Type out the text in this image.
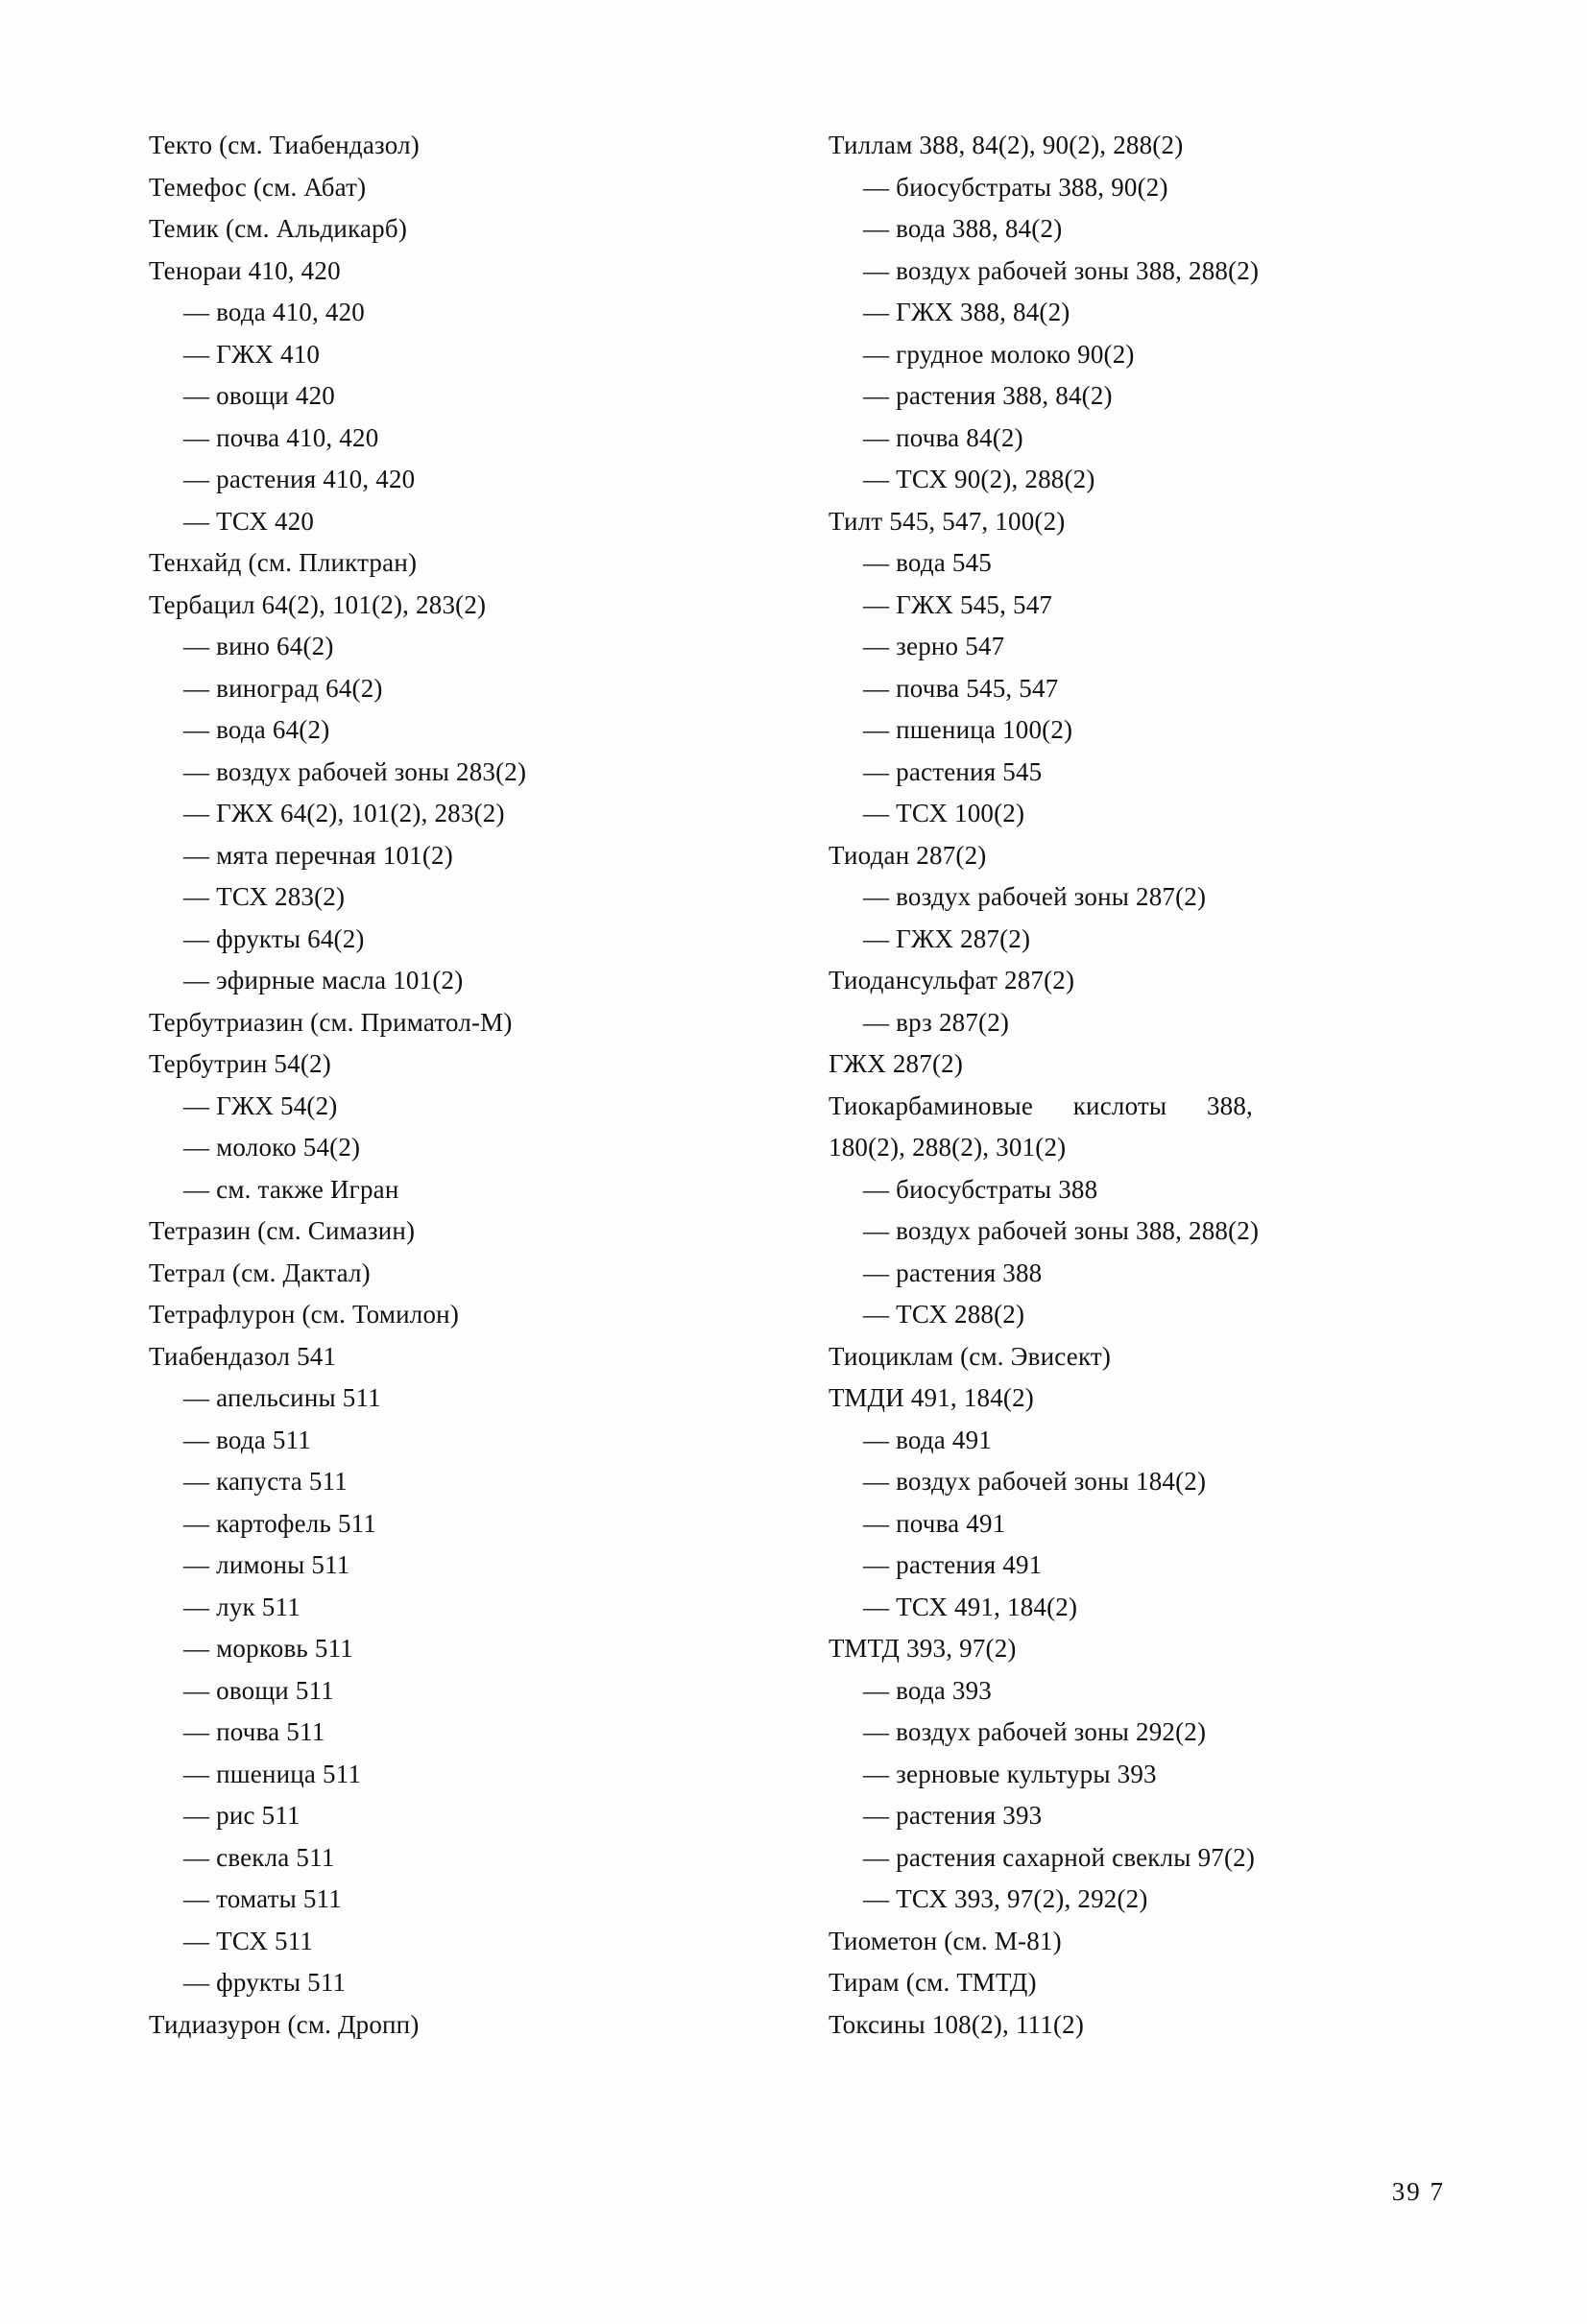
Текто (см. Тиабендазол)
Темефос (см. Абат)
Темик (см. Альдикарб)
Тенораи 410, 420
— вода 410, 420
— ГЖХ 410
— овощи 420
— почва 410, 420
— растения 410, 420
— ТСХ 420
Тенхайд (см. Пликтран)
Тербацил 64(2), 101(2), 283(2)
— вино 64(2)
— виноград 64(2)
— вода 64(2)
— воздух рабочей зоны 283(2)
— ГЖХ 64(2), 101(2), 283(2)
— мята перечная 101(2)
— ТСХ 283(2)
— фрукты 64(2)
— эфирные масла 101(2)
Тербутриазин (см. Приматол-М)
Тербутрин 54(2)
— ГЖХ 54(2)
— молоко 54(2)
— см. также Игран
Тетразин (см. Симазин)
Тетрал (см. Дактал)
Тетрафлурон (см. Томилон)
Тиабендазол 541
— апельсины 511
— вода 511
— капуста 511
— картофель 511
— лимоны 511
— лук 511
— морковь 511
— овощи 511
— почва 511
— пшеница 511
— рис 511
— свекла 511
— томаты 511
— ТСХ 511
— фрукты 511
Тидиазурон (см. Дропп)
Тиллам 388, 84(2), 90(2), 288(2)
— биосубстраты 388, 90(2)
— вода 388, 84(2)
— воздух рабочей зоны 388, 288(2)
— ГЖХ 388, 84(2)
— грудное молоко 90(2)
— растения 388, 84(2)
— почва 84(2)
— ТСХ 90(2), 288(2)
Тилт 545, 547, 100(2)
— вода 545
— ГЖХ 545, 547
— зерно 547
— почва 545, 547
— пшеница 100(2)
— растения 545
— ТСХ 100(2)
Тиодан 287(2)
— воздух рабочей зоны 287(2)
— ГЖХ 287(2)
Тиодансульфат 287(2)
— врз 287(2)
ГЖХ 287(2)
Тиокарбаминовые      кислоты      388,
180(2), 288(2), 301(2)
— биосубстраты 388
— воздух рабочей зоны 388, 288(2)
— растения 388
— ТСХ 288(2)
Тиоциклам (см. Эвисект)
ТМДИ 491, 184(2)
— вода 491
— воздух рабочей зоны 184(2)
— почва 491
— растения 491
— ТСХ 491, 184(2)
ТМТД 393, 97(2)
— вода 393
— воздух рабочей зоны 292(2)
— зерновые культуры 393
— растения 393
— растения сахарной свеклы 97(2)
— ТСХ 393, 97(2), 292(2)
Тиометон (см. М-81)
Тирам (см. ТМТД)
Токсины 108(2), 111(2)
39 7
